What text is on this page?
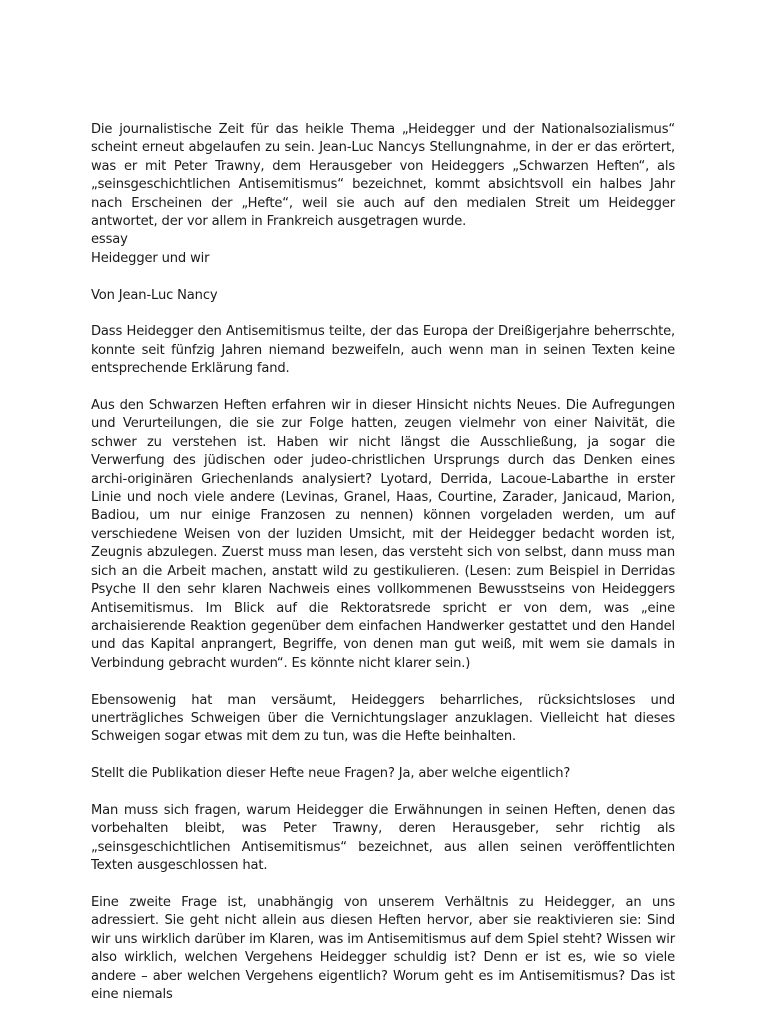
Die journalistische Zeit für das heikle Thema „Heidegger und der Nationalsozialismus“ scheint erneut abgelaufen zu sein. Jean-Luc Nancys Stellungnahme, in der er das erörtert, was er mit Peter Trawny, dem Herausgeber von Heideggers „Schwarzen Heften“, als „seinsgeschichtlichen Antisemitismus“ bezeichnet, kommt absichtsvoll ein halbes Jahr nach Erscheinen der „Hefte“, weil sie auch auf den medialen Streit um Heidegger antwortet, der vor allem in Frankreich ausgetragen wurde.

essay

Heidegger und wir

Von Jean-Luc Nancy

Dass Heidegger den Antisemitismus teilte, der das Europa der Dreißigerjahre beherrschte, konnte seit fünfzig Jahren niemand bezweifeln, auch wenn man in seinen Texten keine entsprechende Erklärung fand.

Aus den Schwarzen Heften erfahren wir in dieser Hinsicht nichts Neues. Die Aufregungen und Verurteilungen, die sie zur Folge hatten, zeugen vielmehr von einer Naivität, die schwer zu verstehen ist. Haben wir nicht längst die Ausschließung, ja sogar die Verwerfung des jüdischen oder judeo-christlichen Ursprungs durch das Denken eines archi-originären Griechenlands analysiert? Lyotard, Derrida, Lacoue-Labarthe in erster Linie und noch viele andere (Levinas, Granel, Haas, Courtine, Zarader, Janicaud, Marion, Badiou, um nur einige Franzosen zu nennen) können vorgeladen werden, um auf verschiedene Weisen von der luziden Umsicht, mit der Heidegger bedacht worden ist, Zeugnis abzulegen. Zuerst muss man lesen, das versteht sich von selbst, dann muss man sich an die Arbeit machen, anstatt wild zu gestikulieren. (Lesen: zum Beispiel in Derridas Psyche II den sehr klaren Nachweis eines vollkommenen Bewusstseins von Heideggers Antisemitismus. Im Blick auf die Rektoratsrede spricht er von dem, was „eine archaisierende Reaktion gegenüber dem einfachen Handwerker gestattet und den Handel und das Kapital anprangert, Begriffe, von denen man gut weiß, mit wem sie damals in Verbindung gebracht wurden“. Es könnte nicht klarer sein.)

Ebensowenig hat man versäumt, Heideggers beharrliches, rücksichtsloses und unerträgliches Schweigen über die Vernichtungslager anzuklagen. Vielleicht hat dieses Schweigen sogar etwas mit dem zu tun, was die Hefte beinhalten.

Stellt die Publikation dieser Hefte neue Fragen? Ja, aber welche eigentlich?

Man muss sich fragen, warum Heidegger die Erwähnungen in seinen Heften, denen das vorbehalten bleibt, was Peter Trawny, deren Herausgeber, sehr richtig als „seinsgeschichtlichen Antisemitismus“ bezeichnet, aus allen seinen veröffentlichten Texten ausgeschlossen hat.

Eine zweite Frage ist, unabhängig von unserem Verhältnis zu Heidegger, an uns adressiert. Sie geht nicht allein aus diesen Heften hervor, aber sie reaktivieren sie: Sind wir uns wirklich darüber im Klaren, was im Antisemitismus auf dem Spiel steht? Wissen wir also wirklich, welchen Vergehens Heidegger schuldig ist? Denn er ist es, wie so viele andere – aber welchen Vergehens eigentlich? Worum geht es im Antisemitismus? Das ist eine niemals
